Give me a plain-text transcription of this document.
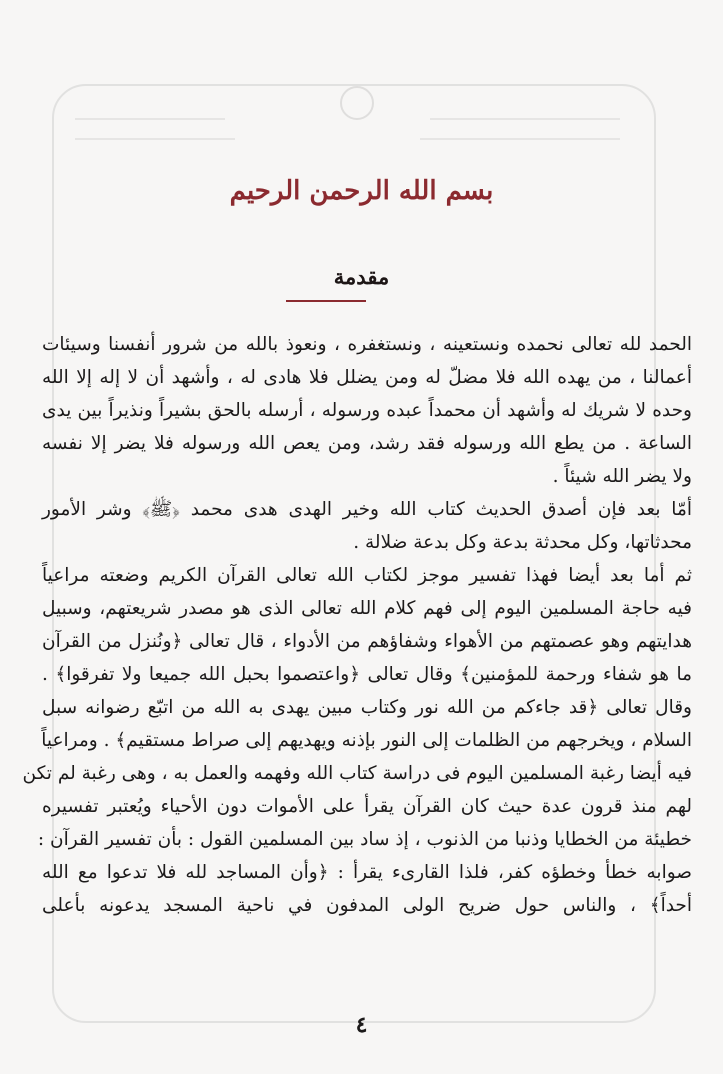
بسم الله الرحمن الرحيم
مقدمة
الحمد لله تعالى نحمده ونستعينه ، ونستغفره ، ونعوذ بالله من شرور أنفسنا وسيئات
أعمالنا ، من يهده الله فلا مضلّ له ومن يضلل فلا هادى له ، وأشهد أن لا إله إلا الله
وحده لا شريك له وأشهد أن محمداً عبده ورسوله ، أرسله بالحق بشيراً ونذيراً بين يدى
الساعة . من يطع الله ورسوله فقد رشد، ومن يعص الله ورسوله فلا يضر إلا نفسه
ولا يضر الله شيئاً .
أمّا بعد فإن أصدق الحديث كتاب الله وخير الهدى هدى محمد ﴿ﷺ﴾ وشر الأمور
محدثاتها، وكل محدثة بدعة وكل بدعة ضلالة .
ثم أما بعد أيضا فهذا تفسير موجز لكتاب الله تعالى القرآن الكريم وضعته مراعياً
فيه حاجة المسلمين اليوم إلى فهم كلام الله تعالى الذى هو مصدر شريعتهم، وسبيل
هدايتهم وهو عصمتهم من الأهواء وشفاؤهم من الأدواء ، قال تعالى ﴿ونُنزل من القرآن
ما هو شفاء ورحمة للمؤمنين﴾ وقال تعالى ﴿واعتصموا بحبل الله جميعا ولا تفرقوا﴾ .
وقال تعالى ﴿قد جاءكم من الله نور وكتاب مبين يهدى به الله من اتبّع رضوانه سبل
السلام ، ويخرجهم من الظلمات إلى النور بإذنه ويهديهم إلى صراط مستقيم﴾ . ومراعياً
فيه أيضا رغبة المسلمين اليوم فى دراسة كتاب الله وفهمه والعمل به ، وهى رغبة لم تكن
لهم منذ قرون عدة حيث كان القرآن يقرأ على الأموات دون الأحياء ويُعتبر تفسيره
خطيئة من الخطايا وذنبا من الذنوب ، إذ ساد بين المسلمين القول : بأن تفسير القرآن :
صوابه خطأ وخطؤه كفر، فلذا القارىء يقرأ : ﴿وأن المساجد لله فلا تدعوا مع الله
أحداً﴾ ، والناس حول ضريح الولى المدفون في ناحية المسجد يدعونه بأعلى
٤
